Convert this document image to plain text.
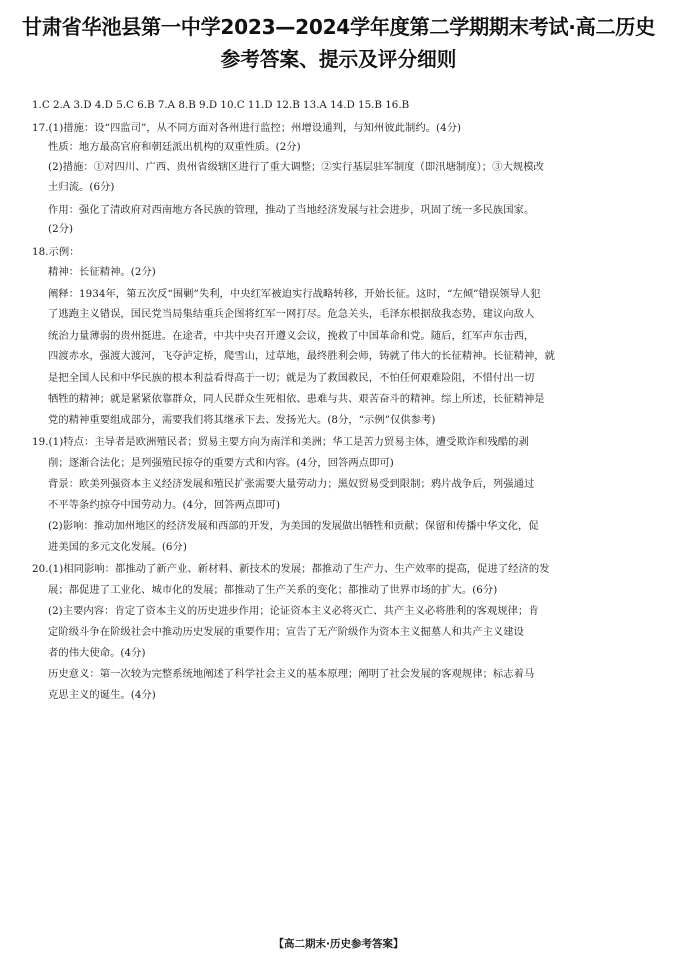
甘肃省华池县第一中学2023—2024学年度第二学期期末考试·高二历史
参考答案、提示及评分细则
1.C 2.A 3.D 4.D 5.C 6.B 7.A 8.B 9.D 10.C 11.D 12.B 13.A 14.D 15.B 16.B
17.(1)措施：设“四监司”，从不同方面对各州进行监控；州增设通判，与知州彼此制约。(4分)
性质：地方最高官府和朝廷派出机构的双重性质。(2分)
(2)措施：①对四川、广西、贵州省级辖区进行了重大调整；②实行基层驻军制度（即汛塘制度）；③大规模改
土归流。(6分)
作用：强化了清政府对西南地方各民族的管理，推动了当地经济发展与社会进步，巩固了统一多民族国家。
(2分)
18.示例：
精神：长征精神。(2分)
阐释：1934年，第五次反“围剿”失利，中央红军被迫实行战略转移，开始长征。这时，“左倾”错误领导人犯
了逃跑主义错误，国民党当局集结重兵企图将红军一网打尽。危急关头，毛泽东根据敌我态势，建议向敌人
统治力量薄弱的贵州挺进。在途者，中共中央召开遵义会议，挽救了中国革命和党。随后，红军声东击西，
四渡赤水，强渡大渡河，飞夺泸定桥，爬雪山，过草地，最终胜利会师，铸就了伟大的长征精神。长征精神，就
是把全国人民和中华民族的根本利益看得高于一切；就是为了救国救民，不怕任何艰难险阻，不惜付出一切
牺牲的精神；就是紧紧依靠群众，同人民群众生死相依、患难与共、艰苦奋斗的精神。综上所述，长征精神是
党的精神重要组成部分，需要我们将其继承下去、发扬光大。(8分，“示例”仅供参考)
19.(1)特点：主导者是欧洲殖民者；贸易主要方向为南洋和美洲；华工是苦力贸易主体，遭受欺诈和残酷的剥
削；逐渐合法化；是列强殖民掠夺的重要方式和内容。(4分，回答两点即可)
背景：欧美列强资本主义经济发展和殖民扩张需要大量劳动力；黑奴贸易受到限制；鸦片战争后，列强通过
不平等条约掠夺中国劳动力。(4分，回答两点即可)
(2)影响：推动加州地区的经济发展和西部的开发，为美国的发展做出牺牲和贡献；保留和传播中华文化，促
进美国的多元文化发展。(6分)
20.(1)相同影响：都推动了新产业、新材料、新技术的发展；都推动了生产力、生产效率的提高，促进了经济的发
展；都促进了工业化、城市化的发展；都推动了生产关系的变化；都推动了世界市场的扩大。(6分)
(2)主要内容：肯定了资本主义的历史进步作用；论证资本主义必将灭亡、共产主义必将胜利的客观规律；肯
定阶级斗争在阶级社会中推动历史发展的重要作用；宣告了无产阶级作为资本主义掘墓人和共产主义建设
者的伟大使命。(4分)
历史意义：第一次较为完整系统地阐述了科学社会主义的基本原理；阐明了社会发展的客观规律；标志着马
克思主义的诞生。(4分)
【高二期末·历史参考答案】
